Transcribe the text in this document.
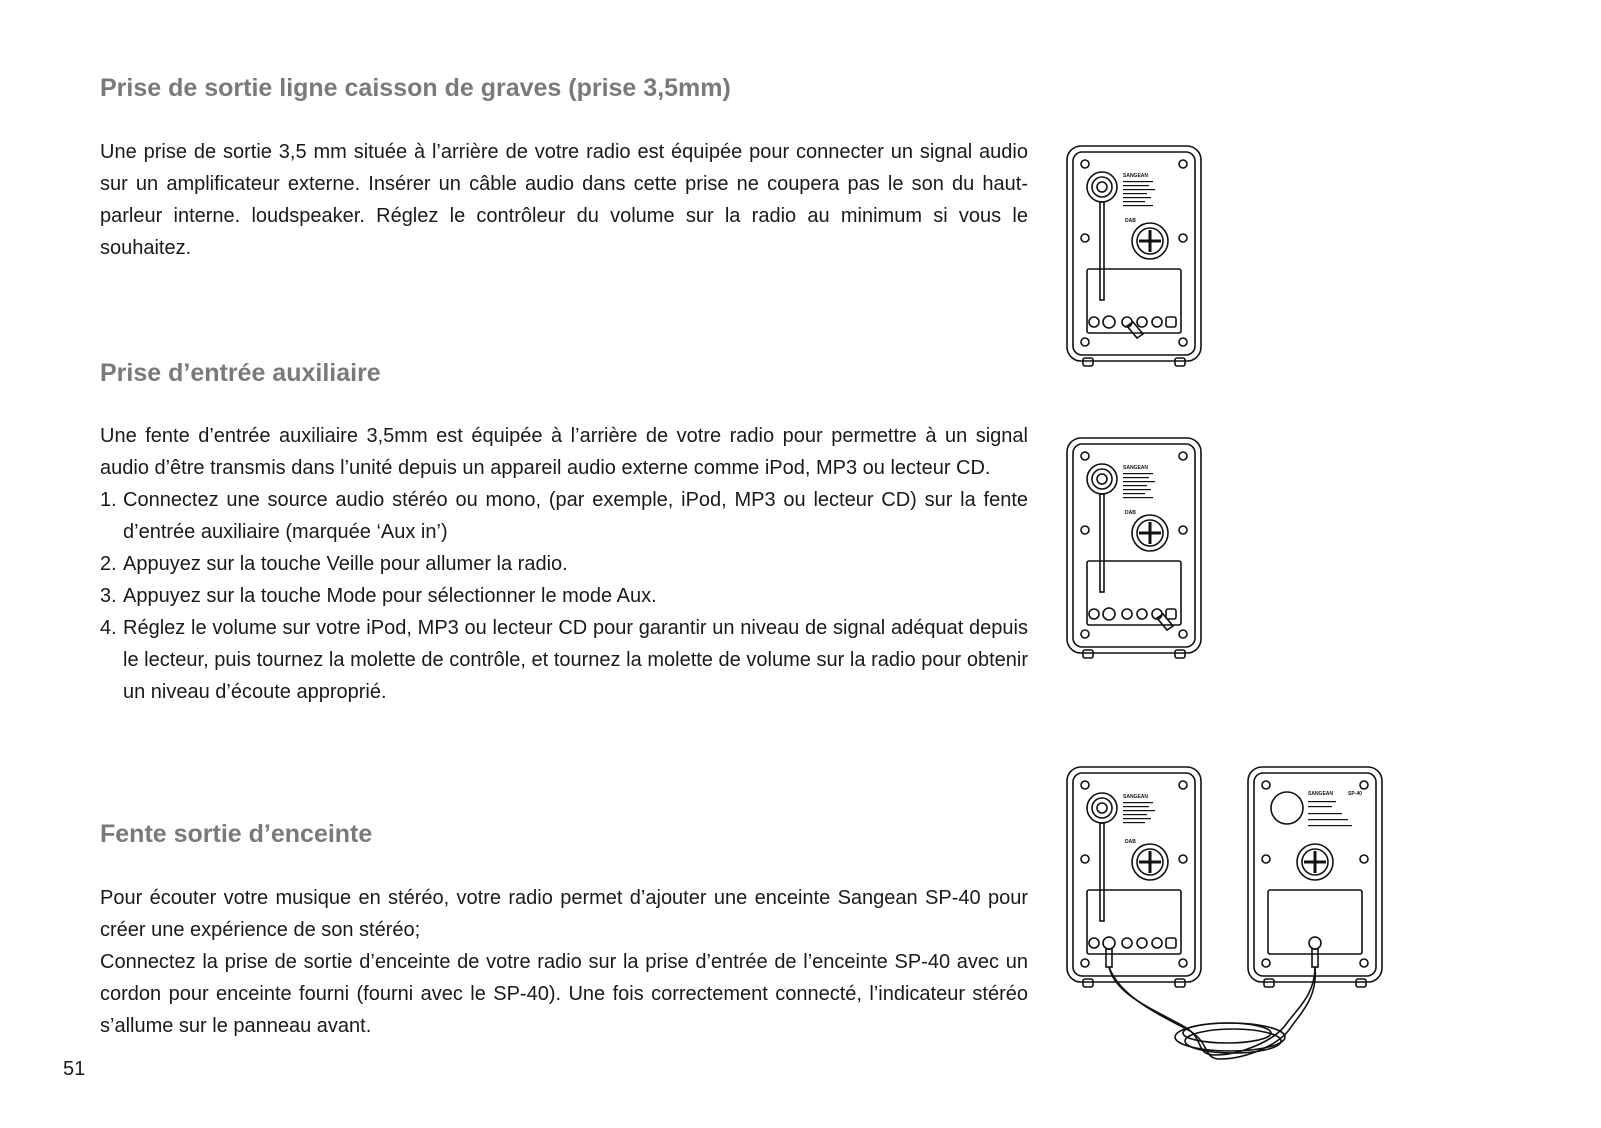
Prise de sortie ligne caisson de graves (prise 3,5mm)

Une prise de sortie 3,5 mm située à l’arrière de votre radio est équipée pour connecter un signal audio sur un amplificateur externe. Insérer un câble audio dans cette prise ne coupera pas le son du haut-parleur interne. loudspeaker. Réglez le contrôleur du volume sur la radio au minimum si vous le souhaitez.

Prise d’entrée auxiliaire

Une fente d’entrée auxiliaire 3,5mm est équipée à l’arrière de votre radio pour permettre à un signal audio d’être transmis dans l’unité depuis un appareil audio externe comme iPod, MP3 ou lecteur CD.

1. Connectez une source audio stéréo ou mono, (par exemple, iPod, MP3 ou lecteur CD) sur la fente d’entrée auxiliaire (marquée ‘Aux in’)
2. Appuyez sur la touche Veille pour allumer la radio.
3. Appuyez sur la touche Mode pour sélectionner le mode Aux.
4. Réglez le volume sur votre iPod, MP3 ou lecteur CD pour garantir un niveau de signal adéquat depuis le lecteur, puis tournez la molette de contrôle, et tournez la molette de volume sur la radio pour obtenir un niveau d’écoute approprié.
Fente sortie d’enceinte

Pour écouter votre musique en stéréo, votre radio permet d’ajouter une enceinte Sangean SP-40 pour créer une expérience de son stéréo;

Connectez la prise de sortie d’enceinte de votre radio sur la prise d’entrée de l’enceinte SP-40 avec un cordon pour enceinte fourni (fourni avec le SP-40). Une fois correctement connecté, l’indicateur stéréo s’allume sur le panneau avant.

51
SANGEAN
DAB
SANGEAN
DAB
SANGEAN
DAB
SANGEAN	SP-40
